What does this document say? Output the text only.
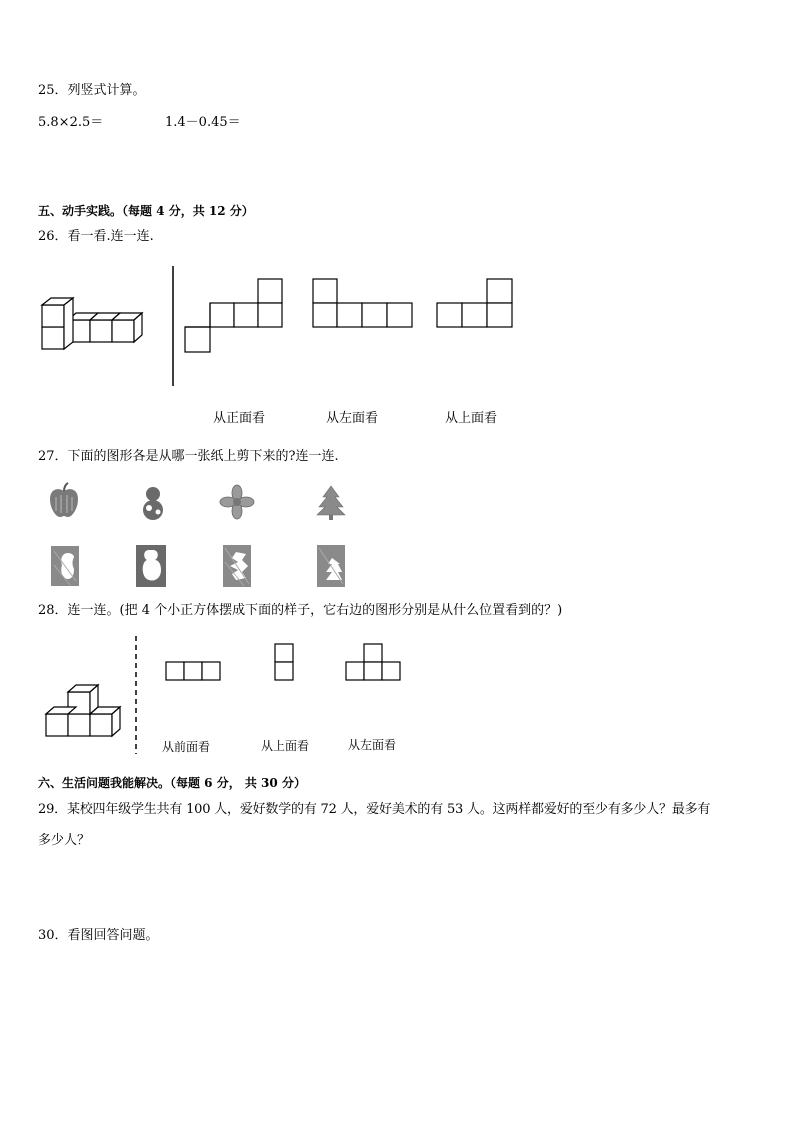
25．列竖式计算。
5.8×2.5＝	1.4－0.45＝
五、动手实践。（每题 4 分，共 12 分）
26．看一看.连一连.
从正面看	从左面看	从上面看
27．下面的图形各是从哪一张纸上剪下来的?连一连.
28．连一连。(把 4 个小正方体摆成下面的样子，它右边的图形分别是从什么位置看到的？)
从前面看	从上面看	从左面看
六、生活问题我能解决。（每题 6 分， 共 30 分）
29．某校四年级学生共有 100 人，爱好数学的有 72 人，爱好美术的有 53 人。这两样都爱好的至少有多少人？最多有
多少人？
30．看图回答问题。
